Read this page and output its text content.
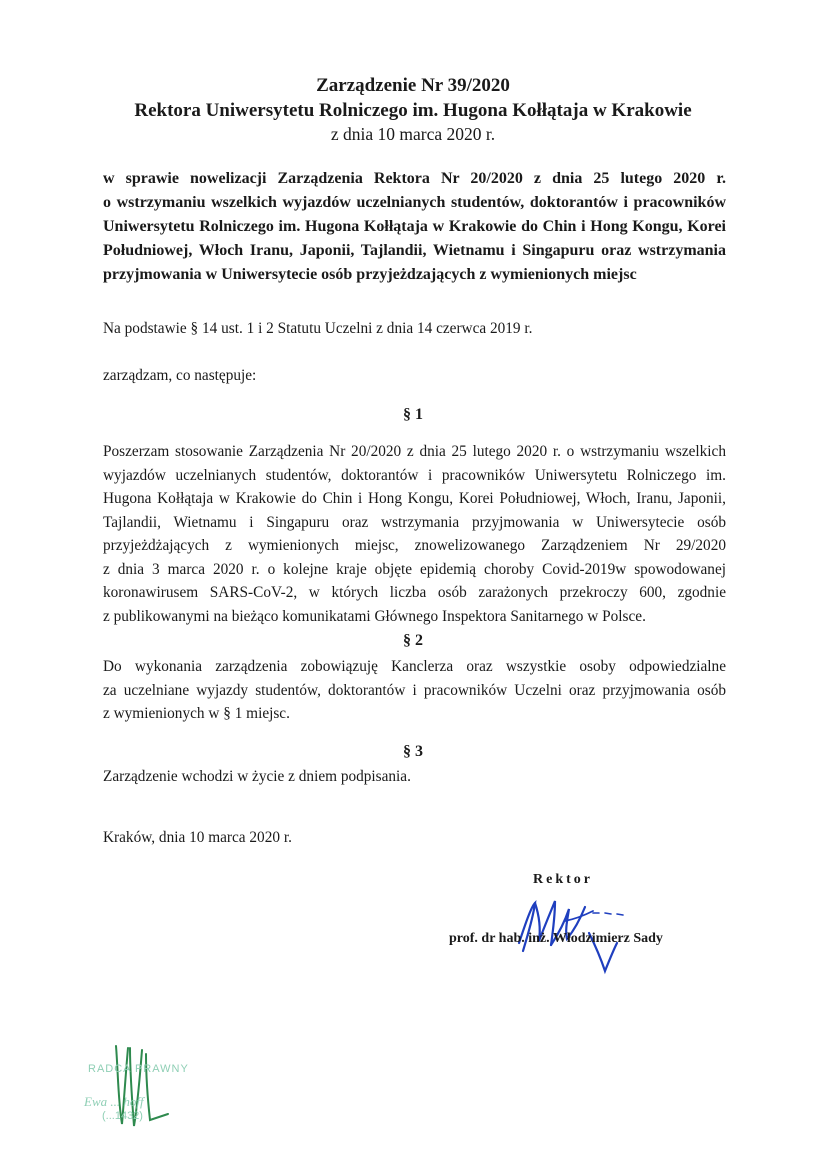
Zarządzenie Nr 39/2020
Rektora Uniwersytetu Rolniczego im. Hugona Kołłątaja w Krakowie
z dnia 10 marca 2020 r.
w sprawie nowelizacji Zarządzenia Rektora Nr 20/2020 z dnia 25 lutego 2020 r.
o wstrzymaniu wszelkich wyjazdów uczelnianych studentów, doktorantów i pracowników
Uniwersytetu Rolniczego im. Hugona Kołłątaja w Krakowie do Chin i Hong Kongu, Korei
Południowej, Włoch Iranu, Japonii, Tajlandii, Wietnamu i Singapuru oraz wstrzymania
przyjmowania w Uniwersytecie osób przyjeżdzających z wymienionych miejsc
Na podstawie § 14 ust. 1 i 2 Statutu Uczelni z dnia 14 czerwca 2019 r.
zarządzam, co następuje:
§ 1
Poszerzam stosowanie Zarządzenia Nr 20/2020 z dnia 25 lutego 2020 r. o wstrzymaniu wszelkich
wyjazdów uczelnianych studentów, doktorantów i pracowników Uniwersytetu Rolniczego im.
Hugona Kołłątaja w Krakowie do Chin i Hong Kongu, Korei Południowej, Włoch, Iranu, Japonii,
Tajlandii, Wietnamu i Singapuru oraz wstrzymania przyjmowania w Uniwersytecie osób
przyjeżdżających z wymienionych miejsc, znowelizowanego Zarządzeniem Nr 29/2020
z dnia 3 marca 2020 r. o kolejne kraje objęte epidemią choroby Covid-2019w spowodowanej
koronawirusem SARS-CoV-2, w których liczba osób zarażonych przekroczy 600, zgodnie
z publikowanymi na bieżąco komunikatami Głównego Inspektora Sanitarnego w Polsce.
§ 2
Do wykonania zarządzenia zobowiązuję Kanclerza oraz wszystkie osoby odpowiedzialne
za uczelniane wyjazdy studentów, doktorantów i pracowników Uczelni oraz przyjmowania osób
z wymienionych w § 1 miejsc.
§ 3
Zarządzenie wchodzi w życie z dniem podpisania.
Kraków, dnia 10 marca 2020 r.
Rektor
prof. dr hab. inż. Włodzimierz Sady
RADCA PRAWNY
Ewa ... hoff
(...1432)
